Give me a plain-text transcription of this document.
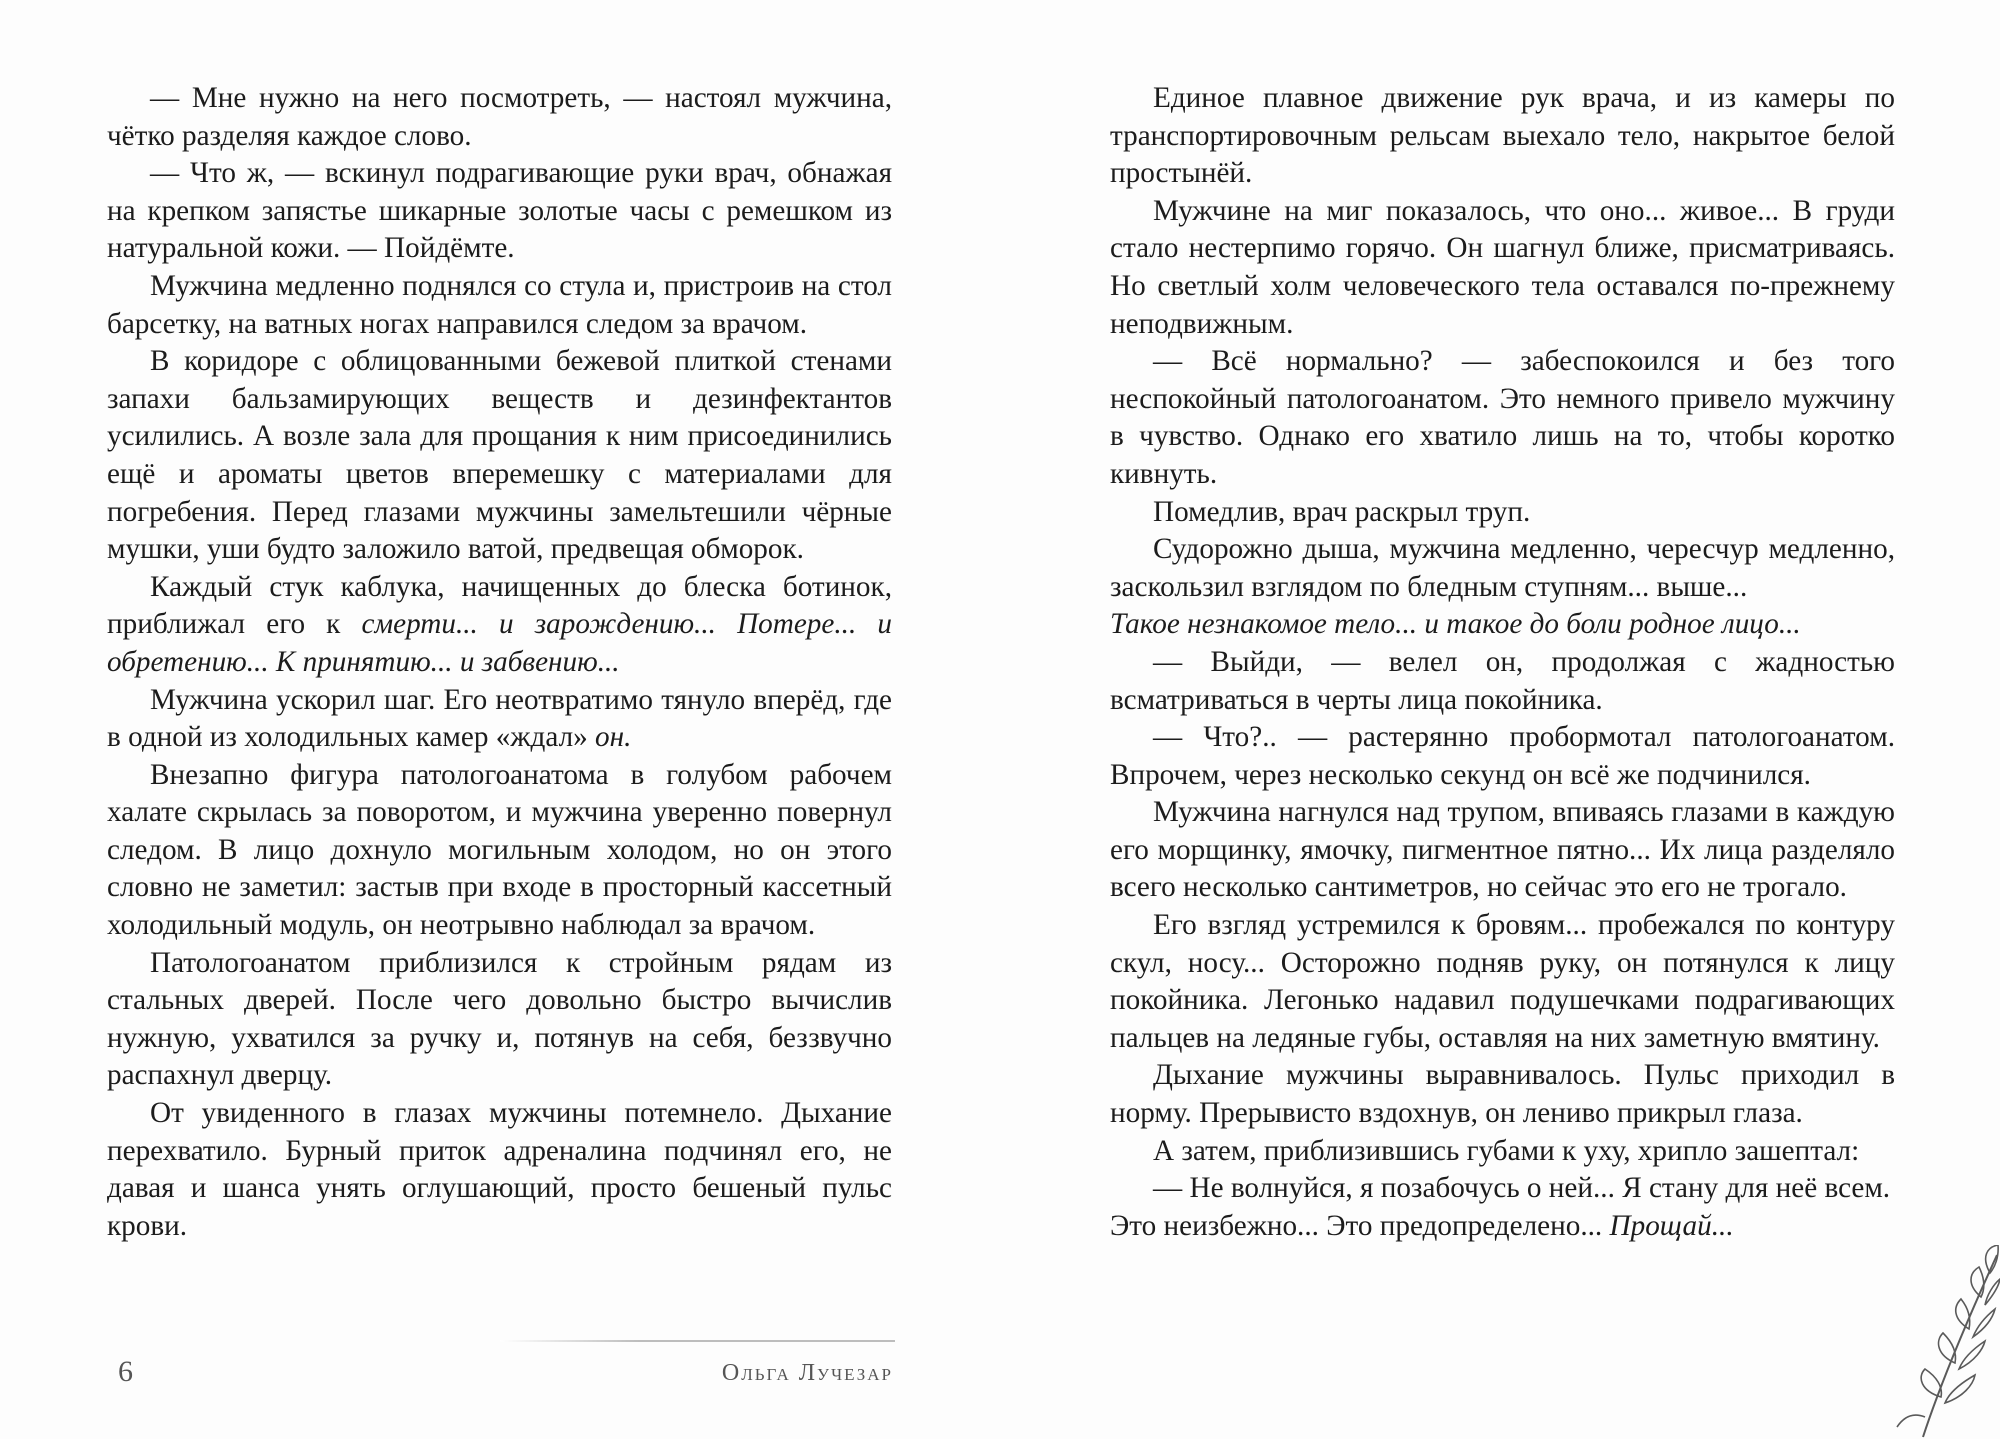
— Мне нужно на него посмотреть, — настоял мужчина, чётко разделяя каждое слово.

— Что ж, — вскинул подрагивающие руки врач, обнажая на крепком запястье шикарные золотые часы с ремешком из натуральной кожи. — Пойдёмте.

Мужчина медленно поднялся со стула и, пристроив на стол барсетку, на ватных ногах направился следом за врачом.

В коридоре с облицованными бежевой плиткой стенами запахи бальзамирующих веществ и дезинфектантов усилились. А возле зала для прощания к ним присоединились ещё и ароматы цветов вперемешку с материалами для погребения. Перед глазами мужчины замельтешили чёрные мушки, уши будто заложило ватой, предвещая обморок.

Каждый стук каблука, начищенных до блеска ботинок, приближал его к смерти... и зарождению... Потере... и обретению... К принятию... и забвению...

Мужчина ускорил шаг. Его неотвратимо тянуло вперёд, где в одной из холодильных камер «ждал» он.

Внезапно фигура патологоанатома в голубом рабочем халате скрылась за поворотом, и мужчина уверенно повернул следом. В лицо дохнуло могильным холодом, но он этого словно не заметил: застыв при входе в просторный кассетный холодильный модуль, он неотрывно наблюдал за врачом.

Патологоанатом приблизился к стройным рядам из стальных дверей. После чего довольно быстро вычислив нужную, ухватился за ручку и, потянув на себя, беззвучно распахнул дверцу.

От увиденного в глазах мужчины потемнело. Дыхание перехватило. Бурный приток адреналина подчинял его, не давая и шанса унять оглушающий, просто бешеный пульс крови.

Единое плавное движение рук врача, и из камеры по транспортировочным рельсам выехало тело, накрытое белой простынёй.

Мужчине на миг показалось, что оно... живое... В груди стало нестерпимо горячо. Он шагнул ближе, присматриваясь. Но светлый холм человеческого тела оставался по-прежнему неподвижным.

— Всё нормально? — забеспокоился и без того неспокойный патологоанатом. Это немного привело мужчину в чувство. Однако его хватило лишь на то, чтобы коротко кивнуть.

Помедлив, врач раскрыл труп.

Судорожно дыша, мужчина медленно, чересчур медленно, заскользил взглядом по бледным ступням... выше...

Такое незнакомое тело... и такое до боли родное лицо...

— Выйди, — велел он, продолжая с жадностью всматриваться в черты лица покойника.

— Что?.. — растерянно пробормотал патологоанатом. Впрочем, через несколько секунд он всё же подчинился.

Мужчина нагнулся над трупом, впиваясь глазами в каждую его морщинку, ямочку, пигментное пятно... Их лица разделяло всего несколько сантиметров, но сейчас это его не трогало.

Его взгляд устремился к бровям... пробежался по контуру скул, носу... Осторожно подняв руку, он потянулся к лицу покойника. Легонько надавил подушечками подрагивающих пальцев на ледяные губы, оставляя на них заметную вмятину.

Дыхание мужчины выравнивалось. Пульс приходил в норму. Прерывисто вздохнув, он лениво прикрыл глаза.

А затем, приблизившись губами к уху, хрипло зашептал:

— Не волнуйся, я позабочусь о ней... Я стану для неё всем.

Это неизбежно... Это предопределено... Прощай...

6	Ольга Лучезар
